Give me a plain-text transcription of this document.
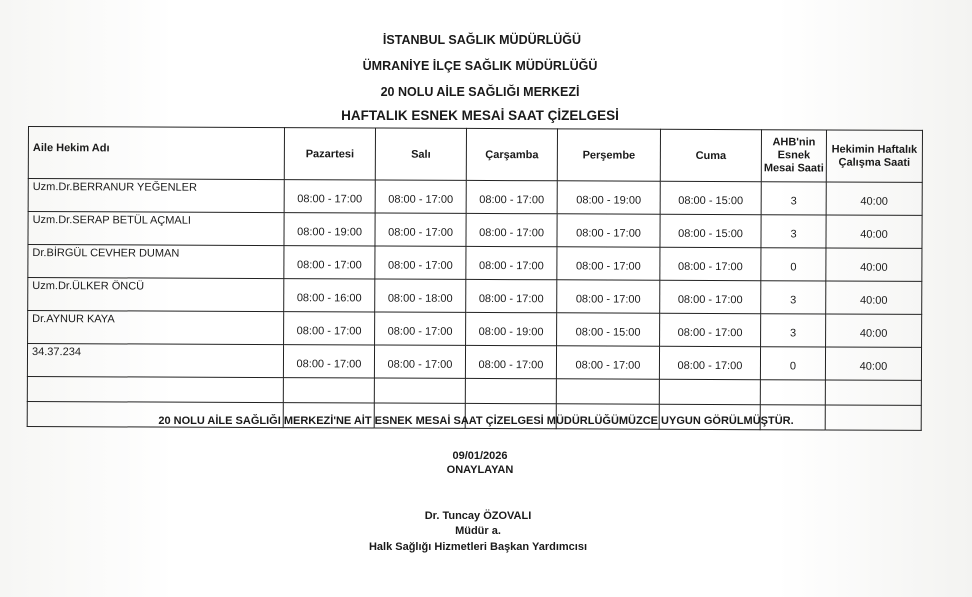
İSTANBUL SAĞLIK MÜDÜRLÜĞÜ
ÜMRANİYE İLÇE SAĞLIK MÜDÜRLÜĞÜ
20 NOLU AİLE SAĞLIĞI MERKEZİ
HAFTALIK ESNEK MESAİ SAAT ÇİZELGESİ
Aile Hekim Adı	Pazartesi	Salı	Çarşamba	Perşembe	Cuma	AHB'nin Esnek Mesai Saati	Hekimin Haftalık Çalışma Saati
Uzm.Dr.BERRANUR YEĞENLER	08:00 - 17:00	08:00 - 17:00	08:00 - 17:00	08:00 - 19:00	08:00 - 15:00	3	40:00
Uzm.Dr.SERAP BETÜL AÇMALI	08:00 - 19:00	08:00 - 17:00	08:00 - 17:00	08:00 - 17:00	08:00 - 15:00	3	40:00
Dr.BİRGÜL CEVHER DUMAN	08:00 - 17:00	08:00 - 17:00	08:00 - 17:00	08:00 - 17:00	08:00 - 17:00	0	40:00
Uzm.Dr.ÜLKER ÖNCÜ	08:00 - 16:00	08:00 - 18:00	08:00 - 17:00	08:00 - 17:00	08:00 - 17:00	3	40:00
Dr.AYNUR KAYA	08:00 - 17:00	08:00 - 17:00	08:00 - 19:00	08:00 - 15:00	08:00 - 17:00	3	40:00
34.37.234	08:00 - 17:00	08:00 - 17:00	08:00 - 17:00	08:00 - 17:00	08:00 - 17:00	0	40:00

20 NOLU AİLE SAĞLIĞI MERKEZİ'NE AİT ESNEK MESAİ SAAT ÇİZELGESİ MÜDÜRLÜĞÜMÜZCE UYGUN GÖRÜLMÜŞTÜR.
09/01/2026
ONAYLAYAN
Dr. Tuncay ÖZOVALI
Müdür a.
Halk Sağlığı Hizmetleri Başkan Yardımcısı
